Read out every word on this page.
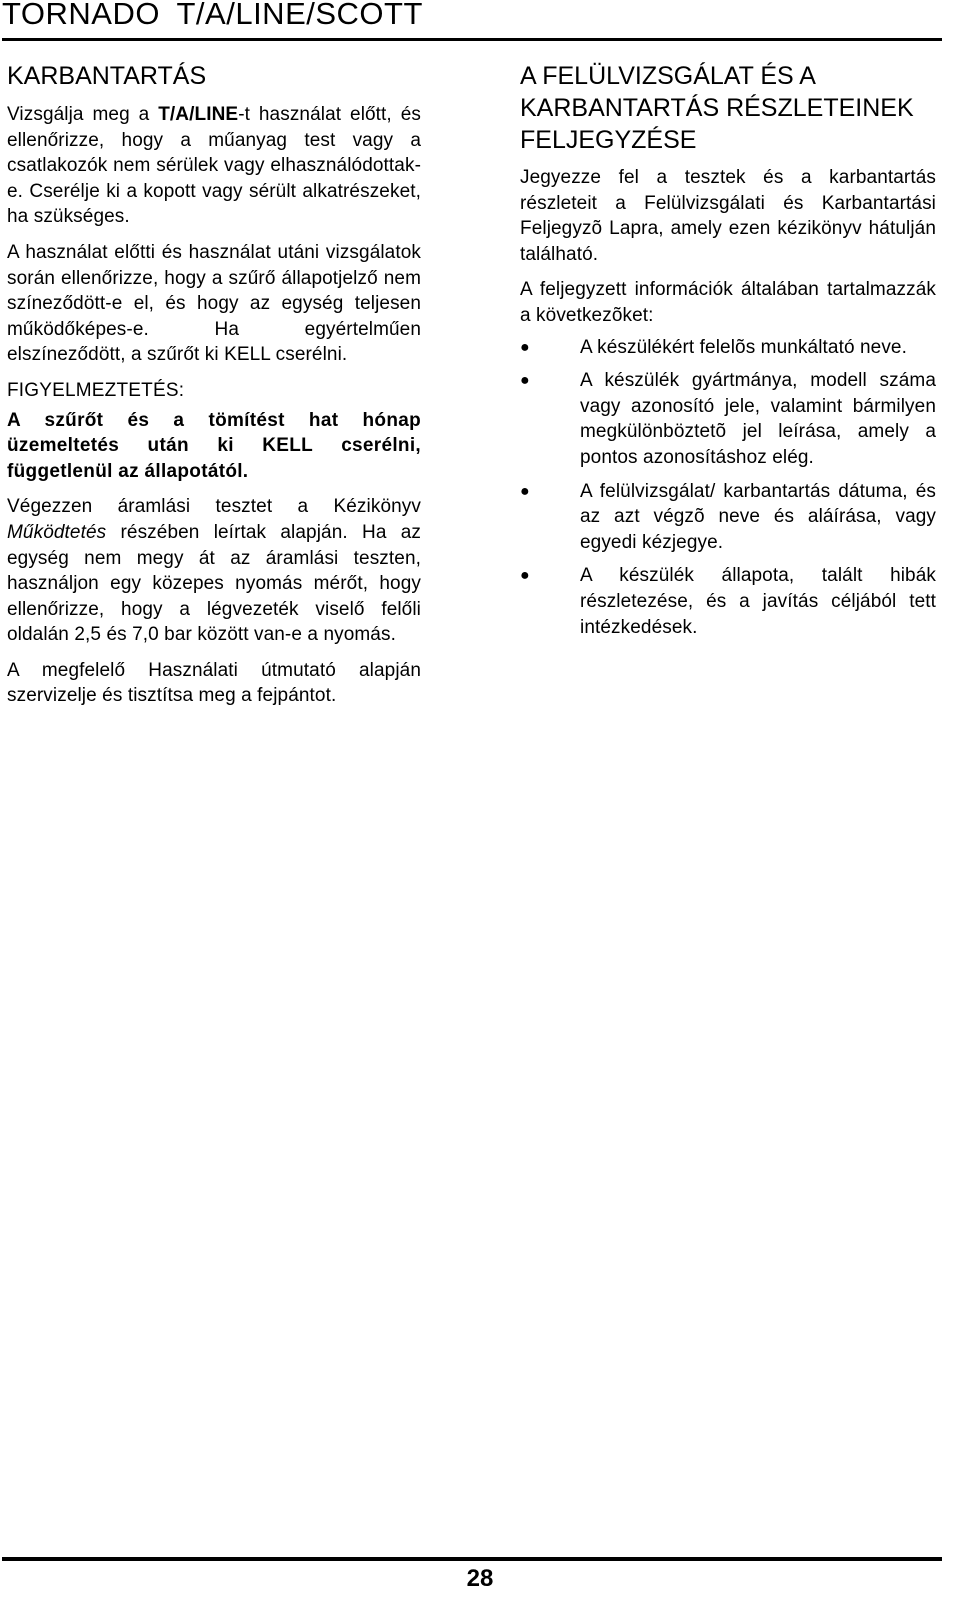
TORNADO T/A/LINE/SCOTT
KARBANTARTÁS

Vizsgálja meg a T/A/LINE-t használat előtt, és ellenőrizze, hogy a műanyag test vagy a csatlakozók nem sérülek vagy elhasználódottak-e. Cserélje ki a kopott vagy sérült alkatrészeket, ha szükséges.

A használat előtti és használat utáni vizsgálatok során ellenőrizze, hogy a szűrő állapotjelző nem színeződött-e el, és hogy az egység teljesen működőképes-e. Ha egyértelműen elszíneződött, a szűrőt ki KELL cserélni.

FIGYELMEZTETÉS:

A szűrőt és a tömítést hat hónap üzemeltetés után ki KELL cserélni, függetlenül az állapotától.

Végezzen áramlási tesztet a Kézikönyv Működtetés részében leírtak alapján. Ha az egység nem megy át az áramlási teszten, használjon egy közepes nyomás mérőt, hogy ellenőrizze, hogy a légvezeték viselő felőli oldalán 2,5 és 7,0 bar között van-e a nyomás.

A megfelelő Használati útmutató alapján szervizelje és tisztítsa meg a fejpántot.

A FELÜLVIZSGÁLAT ÉS A KARBANTARTÁS RÉSZLETEINEK FELJEGYZÉSE

Jegyezze fel a tesztek és a karbantartás részleteit a Felülvizsgálati és Karbantartási Feljegyzõ Lapra, amely ezen kézikönyv hátulján található.

A feljegyzett információk általában tartalmazzák a következõket:

●	A készülékért felelõs munkáltató neve.
●	A készülék gyártmánya, modell száma vagy azonosító jele, valamint bármilyen megkülönböztetõ jel leírása, amely a pontos azonosításhoz elég.
●	A felülvizsgálat/ karbantartás dátuma, és az azt végzõ neve és aláírása, vagy egyedi kézjegye.
●	A készülék állapota, talált hibák részletezése, és a javítás céljából tett intézkedések.
28
